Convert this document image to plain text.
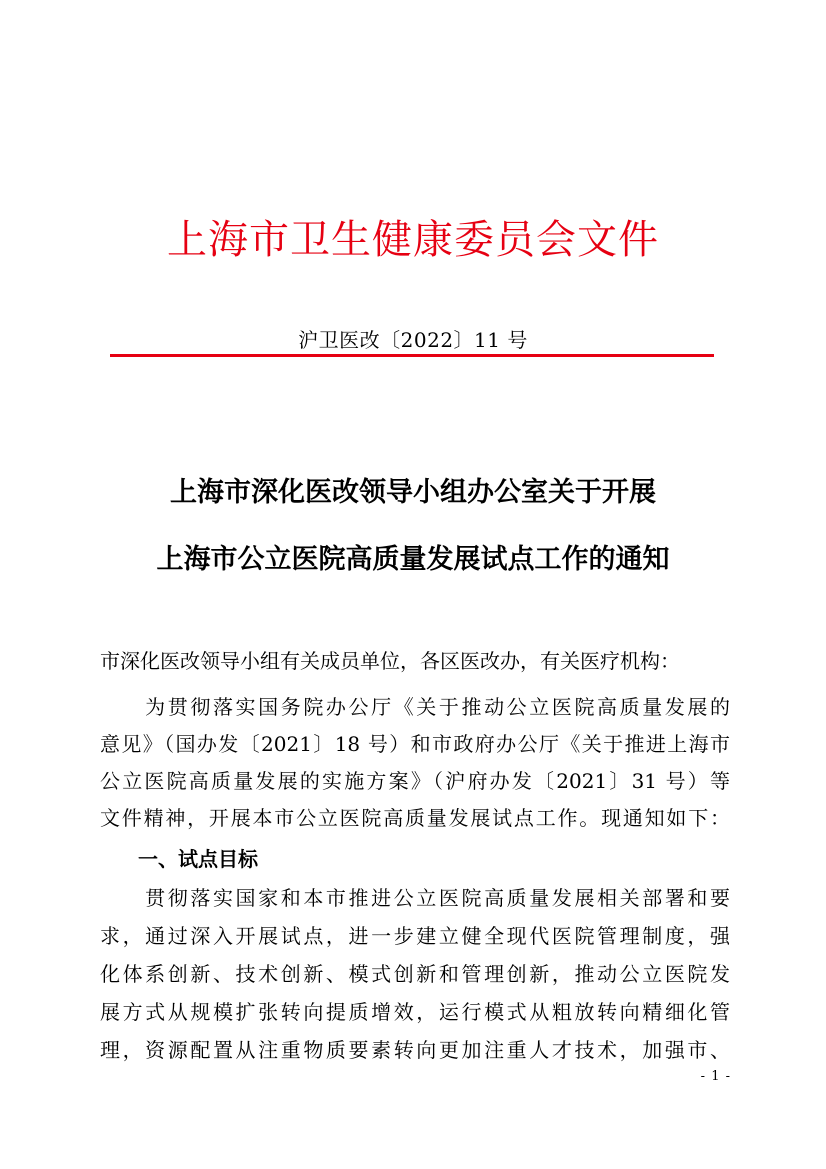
上海市卫生健康委员会文件
沪卫医改〔2022〕11 号
上海市深化医改领导小组办公室关于开展
上海市公立医院高质量发展试点工作的通知
市深化医改领导小组有关成员单位，各区医改办，有关医疗机构：
　　为贯彻落实国务院办公厅《关于推动公立医院高质量发展的
意见》（国办发〔2021〕18 号）和市政府办公厅《关于推进上海市
公立医院高质量发展的实施方案》（沪府办发〔2021〕31 号）等
文件精神，开展本市公立医院高质量发展试点工作。现通知如下：
一、试点目标
　　贯彻落实国家和本市推进公立医院高质量发展相关部署和要
求，通过深入开展试点，进一步建立健全现代医院管理制度，强
化体系创新、技术创新、模式创新和管理创新，推动公立医院发
展方式从规模扩张转向提质增效，运行模式从粗放转向精细化管
理，资源配置从注重物质要素转向更加注重人才技术，加强市、
- 1 -
